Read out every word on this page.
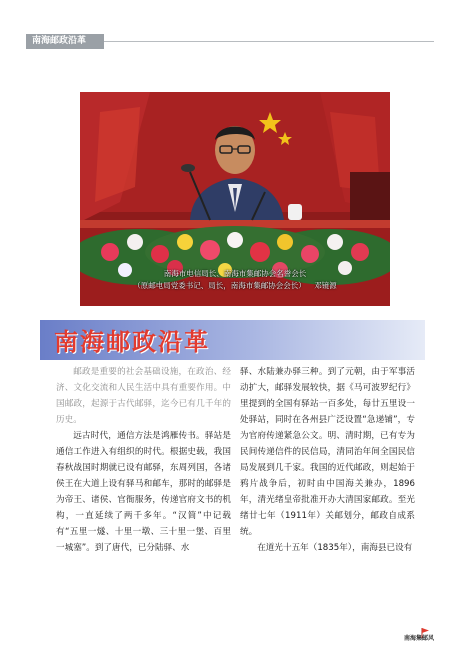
南海邮政沿革
南海市电信局长、南海市集邮协会名誉会长
（原邮电局党委书记、局长，南海市集邮协会会长） 邓镜源
南海邮政沿革

邮政是重要的社会基础设施，在政治、经济、文化交流和人民生活中具有重要作用。中国邮政，起源于古代邮驿，迄今已有几千年的历史。

远古时代，通信方法是鸿雁传书。驿站是通信工作进入有组织的时代。根据史载，我国春秋战国时期就已设有邮驿，东周列国，各诸侯王在大道上设有驿马和邮车，那时的邮驿是为帝王、诸侯、官衙服务，传递官府文书的机构，一直延续了两千多年。“汉简”中记载有“五里一燧、十里一墩、三十里一堡、百里一城塞”。到了唐代，已分陆驿、水

驿、水陆兼办驿三种。到了元朝，由于军事活动扩大，邮驿发展较快，据《马可波罗纪行》里提到的全国有驿站一百多处，每廿五里设一处驿站，同时在各州县广泛设置“急递铺”，专为官府传递紧急公文。明、清时期，已有专为民间传递信件的民信局，清同治年间全国民信局发展到几千家。我国的近代邮政，则起始于鸦片战争后，初时由中国海关兼办，1896年，清光绪皇帝批准开办大清国家邮政。至光绪廿七年（1911年）关邮划分，邮政自成系统。

在道光十五年（1835年），南海县已设有

南海集邮风
